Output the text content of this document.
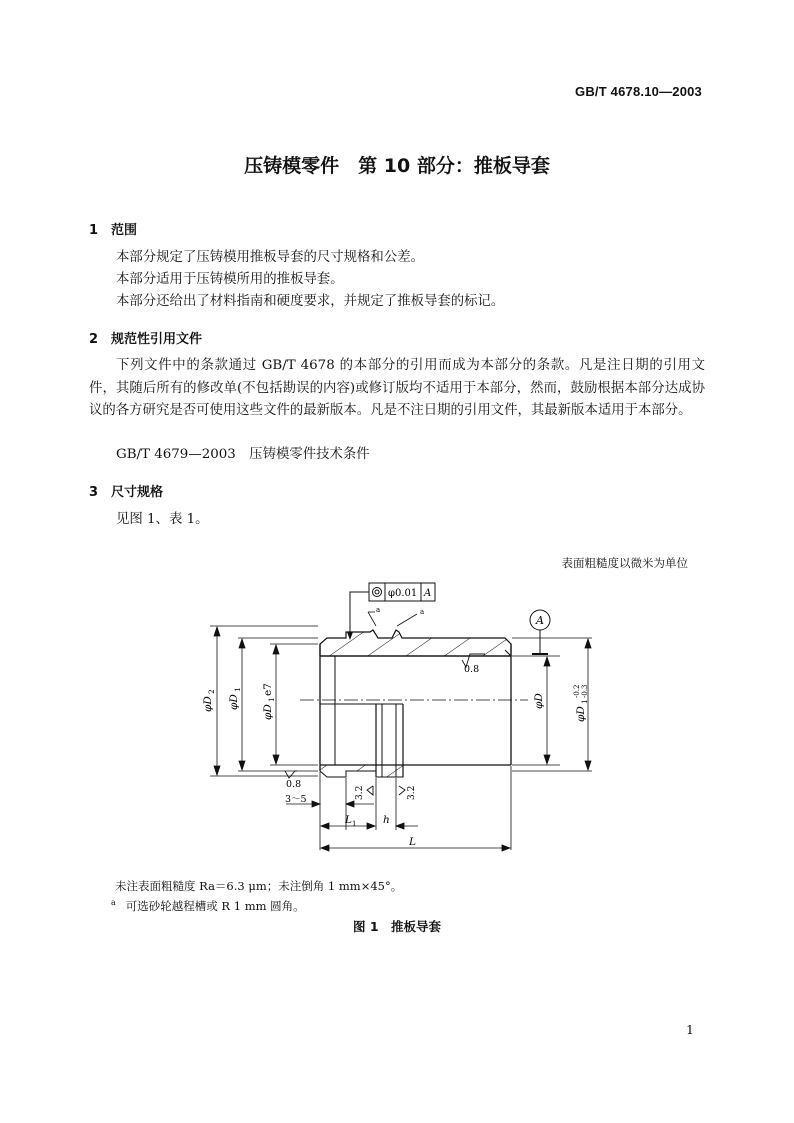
GB/T 4678.10—2003
压铸模零件　第 10 部分：推板导套
1 范围
本部分规定了压铸模用推板导套的尺寸规格和公差。
本部分适用于压铸模所用的推板导套。
本部分还给出了材料指南和硬度要求，并规定了推板导套的标记。
2 规范性引用文件
下列文件中的条款通过 GB/T 4678 的本部分的引用而成为本部分的条款。凡是注日期的引用文件，其随后所有的修改单(不包括勘误的内容)或修订版均不适用于本部分，然而，鼓励根据本部分达成协议的各方研究是否可使用这些文件的最新版本。凡是不注日期的引用文件，其最新版本适用于本部分。
GB/T 4679—2003　压铸模零件技术条件
3 尺寸规格
见图 1、表 1。
表面粗糙度以微米为单位
φ0.01 A
A
a	a
0.8
0.8
3.2	3.2
φD
2
φD
1
φD
1
e7
φD
φD
1
-0.2 -0.3
3～5
L 1	h
L
未注表面粗糙度 Ra＝6.3 μm；未注倒角 1 mm×45°。
$^a$ 可选砂轮越程槽或 R 1 mm 圆角。
图 1　推板导套
1
